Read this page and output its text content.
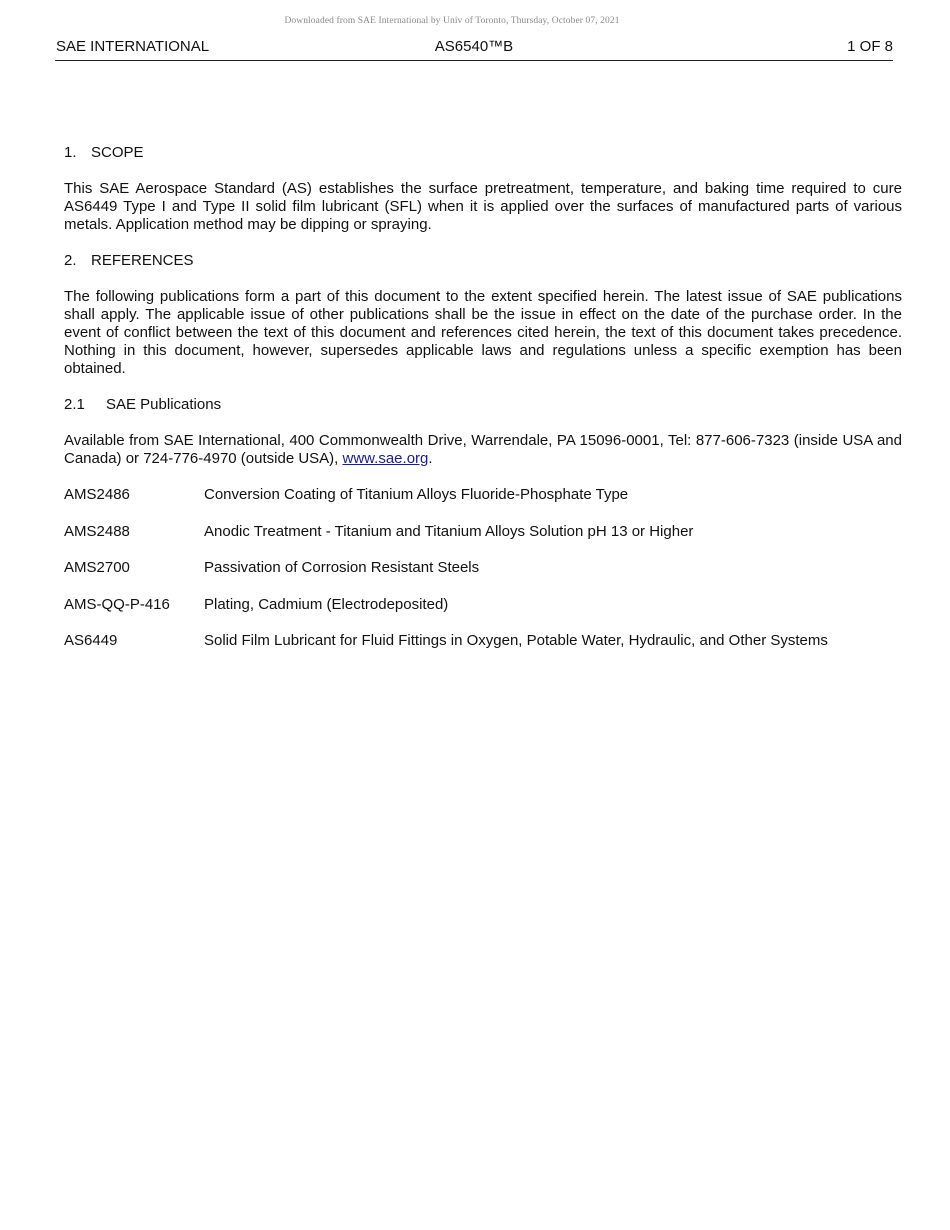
Downloaded from SAE International by Univ of Toronto, Thursday, October 07, 2021
SAE INTERNATIONAL	AS6540™B	1 OF 8
1. SCOPE

This SAE Aerospace Standard (AS) establishes the surface pretreatment, temperature, and baking time required to cure AS6449 Type I and Type II solid film lubricant (SFL) when it is applied over the surfaces of manufactured parts of various metals. Application method may be dipping or spraying.

2. REFERENCES

The following publications form a part of this document to the extent specified herein. The latest issue of SAE publications shall apply. The applicable issue of other publications shall be the issue in effect on the date of the purchase order. In the event of conflict between the text of this document and references cited herein, the text of this document takes precedence. Nothing in this document, however, supersedes applicable laws and regulations unless a specific exemption has been obtained.

2.1 SAE Publications

Available from SAE International, 400 Commonwealth Drive, Warrendale, PA 15096-0001, Tel: 877-606-7323 (inside USA and Canada) or 724-776-4970 (outside USA), www.sae.org.

AMS2486	Conversion Coating of Titanium Alloys Fluoride-Phosphate Type
AMS2488	Anodic Treatment - Titanium and Titanium Alloys Solution pH 13 or Higher
AMS2700	Passivation of Corrosion Resistant Steels
AMS-QQ-P-416 Plating, Cadmium (Electrodeposited)
AS6449	Solid Film Lubricant for Fluid Fittings in Oxygen, Potable Water, Hydraulic, and Other Systems
